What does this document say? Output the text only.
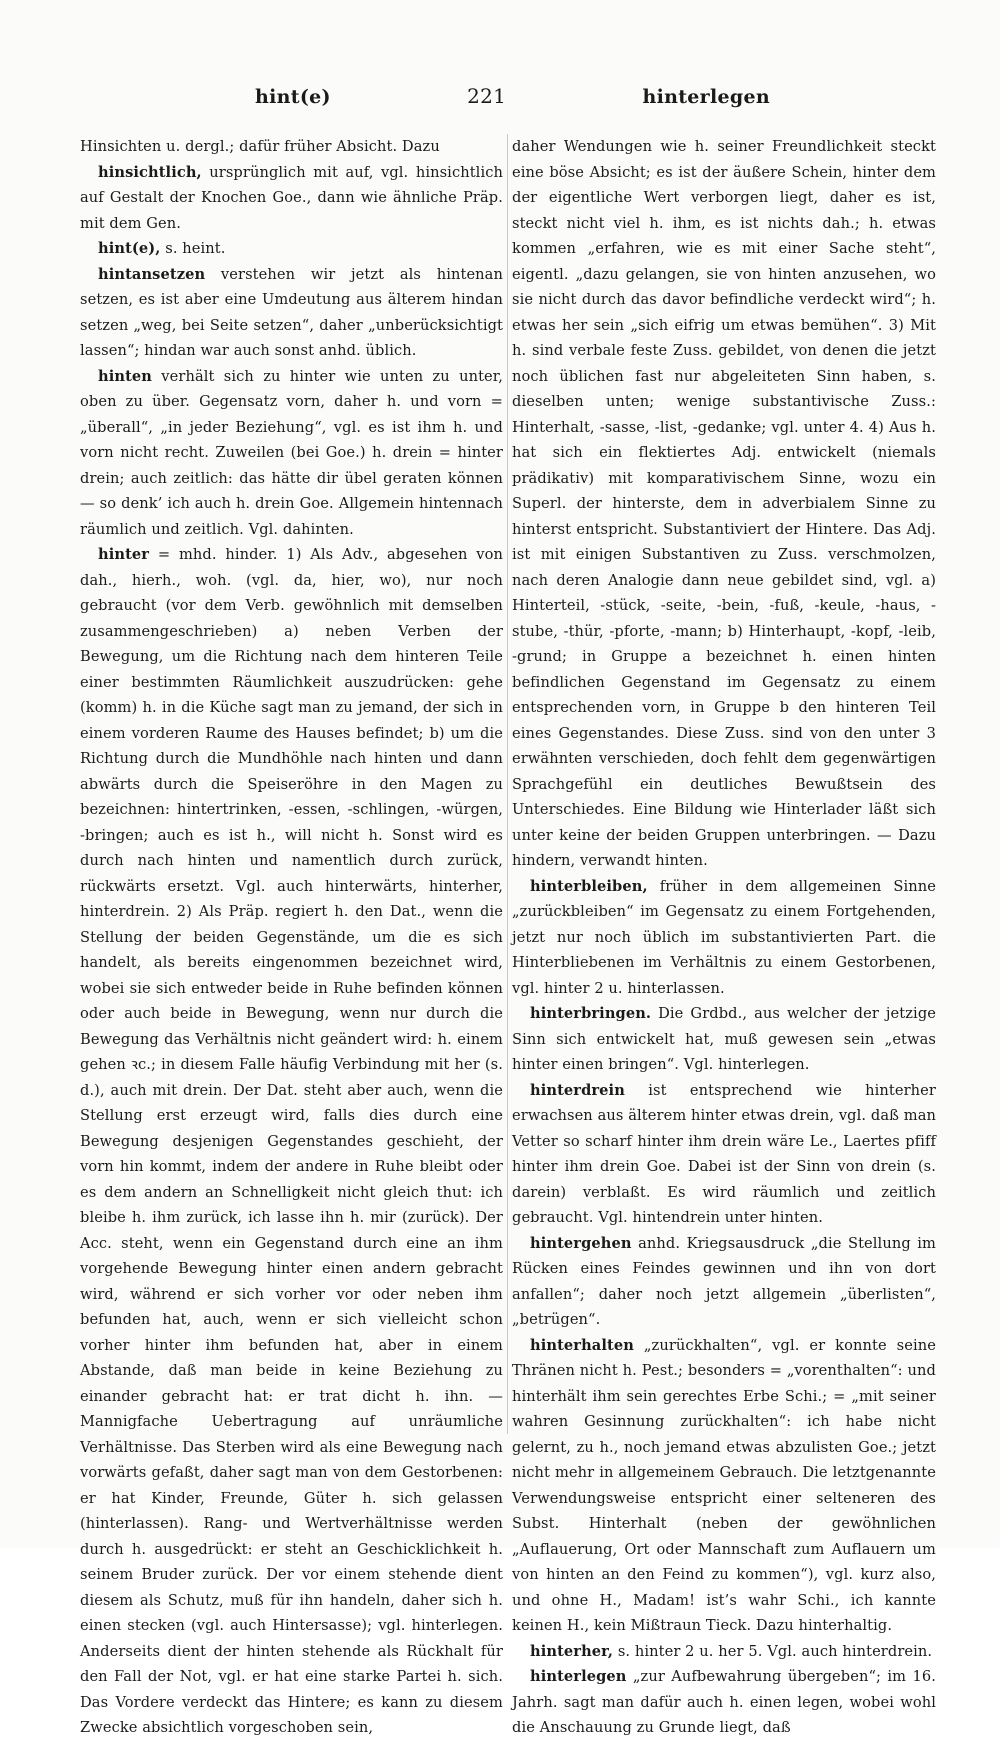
hint(e)	221	hinterlegen

Hinsichten u. dergl.; dafür früher Absicht. Dazu

hinsichtlich, ursprünglich mit auf, vgl. hinsichtlich auf Gestalt der Knochen Goe., dann wie ähnliche Präp. mit dem Gen.

hint(e), s. heint.

hintansetzen verstehen wir jetzt als hintenan setzen, es ist aber eine Umdeutung aus älterem hindan setzen „weg, bei Seite setzen“, daher „unberücksichtigt lassen“; hindan war auch sonst anhd. üblich.

hinten verhält sich zu hinter wie unten zu unter, oben zu über. Gegensatz vorn, daher h. und vorn = „überall“, „in jeder Beziehung“, vgl. es ist ihm h. und vorn nicht recht. Zuweilen (bei Goe.) h. drein = hinter drein; auch zeitlich: das hätte dir übel geraten können — so denk’ ich auch h. drein Goe. Allgemein hintennach räumlich und zeitlich. Vgl. dahinten.

hinter = mhd. hinder. 1) Als Adv., abgesehen von dah., hierh., woh. (vgl. da, hier, wo), nur noch gebraucht (vor dem Verb. gewöhnlich mit demselben zusammengeschrieben) a) neben Verben der Bewegung, um die Richtung nach dem hinteren Teile einer bestimmten Räumlichkeit auszudrücken: gehe (komm) h. in die Küche sagt man zu jemand, der sich in einem vorderen Raume des Hauses befindet; b) um die Richtung durch die Mundhöhle nach hinten und dann abwärts durch die Speiseröhre in den Magen zu bezeichnen: hintertrinken, -essen, -schlingen, -würgen, -bringen; auch es ist h., will nicht h. Sonst wird es durch nach hinten und namentlich durch zurück, rückwärts ersetzt. Vgl. auch hinterwärts, hinterher, hinterdrein. 2) Als Präp. regiert h. den Dat., wenn die Stellung der beiden Gegenstände, um die es sich handelt, als bereits eingenommen bezeichnet wird, wobei sie sich entweder beide in Ruhe befinden können oder auch beide in Bewegung, wenn nur durch die Bewegung das Verhältnis nicht geändert wird: h. einem gehen ꝛc.; in diesem Falle häufig Verbindung mit her (s. d.), auch mit drein. Der Dat. steht aber auch, wenn die Stellung erst erzeugt wird, falls dies durch eine Bewegung desjenigen Gegenstandes geschieht, der vorn hin kommt, indem der andere in Ruhe bleibt oder es dem andern an Schnelligkeit nicht gleich thut: ich bleibe h. ihm zurück, ich lasse ihn h. mir (zurück). Der Acc. steht, wenn ein Gegenstand durch eine an ihm vorgehende Bewegung hinter einen andern gebracht wird, während er sich vorher vor oder neben ihm befunden hat, auch, wenn er sich vielleicht schon vorher hinter ihm befunden hat, aber in einem Abstande, daß man beide in keine Beziehung zu einander gebracht hat: er trat dicht h. ihn. — Mannigfache Uebertragung auf unräumliche Verhältnisse. Das Sterben wird als eine Bewegung nach vorwärts gefaßt, daher sagt man von dem Gestorbenen: er hat Kinder, Freunde, Güter h. sich gelassen (hinterlassen). Rang- und Wertverhältnisse werden durch h. ausgedrückt: er steht an Geschicklichkeit h. seinem Bruder zurück. Der vor einem stehende dient diesem als Schutz, muß für ihn handeln, daher sich h. einen stecken (vgl. auch Hintersasse); vgl. hinterlegen. Anderseits dient der hinten stehende als Rückhalt für den Fall der Not, vgl. er hat eine starke Partei h. sich. Das Vordere verdeckt das Hintere; es kann zu diesem Zwecke absichtlich vorgeschoben sein,

daher Wendungen wie h. seiner Freundlichkeit steckt eine böse Absicht; es ist der äußere Schein, hinter dem der eigentliche Wert verborgen liegt, daher es ist, steckt nicht viel h. ihm, es ist nichts dah.; h. etwas kommen „erfahren, wie es mit einer Sache steht“, eigentl. „dazu gelangen, sie von hinten anzusehen, wo sie nicht durch das davor befindliche verdeckt wird“; h. etwas her sein „sich eifrig um etwas bemühen“. 3) Mit h. sind verbale feste Zuss. gebildet, von denen die jetzt noch üblichen fast nur abgeleiteten Sinn haben, s. dieselben unten; wenige substantivische Zuss.: Hinterhalt, -sasse, -list, -gedanke; vgl. unter 4. 4) Aus h. hat sich ein flektiertes Adj. entwickelt (niemals prädikativ) mit komparativischem Sinne, wozu ein Superl. der hinterste, dem in adverbialem Sinne zu hinterst entspricht. Substantiviert der Hintere. Das Adj. ist mit einigen Substantiven zu Zuss. verschmolzen, nach deren Analogie dann neue gebildet sind, vgl. a) Hinterteil, -stück, -seite, -bein, -fuß, -keule, -haus, -stube, -thür, -pforte, -mann; b) Hinterhaupt, -kopf, -leib, -grund; in Gruppe a bezeichnet h. einen hinten befindlichen Gegenstand im Gegensatz zu einem entsprechenden vorn, in Gruppe b den hinteren Teil eines Gegenstandes. Diese Zuss. sind von den unter 3 erwähnten verschieden, doch fehlt dem gegenwärtigen Sprachgefühl ein deutliches Bewußtsein des Unterschiedes. Eine Bildung wie Hinterlader läßt sich unter keine der beiden Gruppen unterbringen. — Dazu hindern, verwandt hinten.

hinterbleiben, früher in dem allgemeinen Sinne „zurückbleiben“ im Gegensatz zu einem Fortgehenden, jetzt nur noch üblich im substantivierten Part. die Hinterbliebenen im Verhältnis zu einem Gestorbenen, vgl. hinter 2 u. hinterlassen.

hinterbringen. Die Grdbd., aus welcher der jetzige Sinn sich entwickelt hat, muß gewesen sein „etwas hinter einen bringen“. Vgl. hinterlegen.

hinterdrein ist entsprechend wie hinterher erwachsen aus älterem hinter etwas drein, vgl. daß man Vetter so scharf hinter ihm drein wäre Le., Laertes pfiff hinter ihm drein Goe. Dabei ist der Sinn von drein (s. darein) verblaßt. Es wird räumlich und zeitlich gebraucht. Vgl. hintendrein unter hinten.

hintergehen anhd. Kriegsausdruck „die Stellung im Rücken eines Feindes gewinnen und ihn von dort anfallen“; daher noch jetzt allgemein „überlisten“, „betrügen“.

hinterhalten „zurückhalten“, vgl. er konnte seine Thränen nicht h. Pest.; besonders = „vorenthalten“: und hinterhält ihm sein gerechtes Erbe Schi.; = „mit seiner wahren Gesinnung zurückhalten“: ich habe nicht gelernt, zu h., noch jemand etwas abzulisten Goe.; jetzt nicht mehr in allgemeinem Gebrauch. Die letztgenannte Verwendungsweise entspricht einer selteneren des Subst. Hinterhalt (neben der gewöhnlichen „Auflauerung, Ort oder Mannschaft zum Auflauern um von hinten an den Feind zu kommen“), vgl. kurz also, und ohne H., Madam! ist’s wahr Schi., ich kannte keinen H., kein Mißtraun Tieck. Dazu hinterhaltig.

hinterher, s. hinter 2 u. her 5. Vgl. auch hinterdrein.

hinterlegen „zur Aufbewahrung übergeben“; im 16. Jahrh. sagt man dafür auch h. einen legen, wobei wohl die Anschauung zu Grunde liegt, daß
